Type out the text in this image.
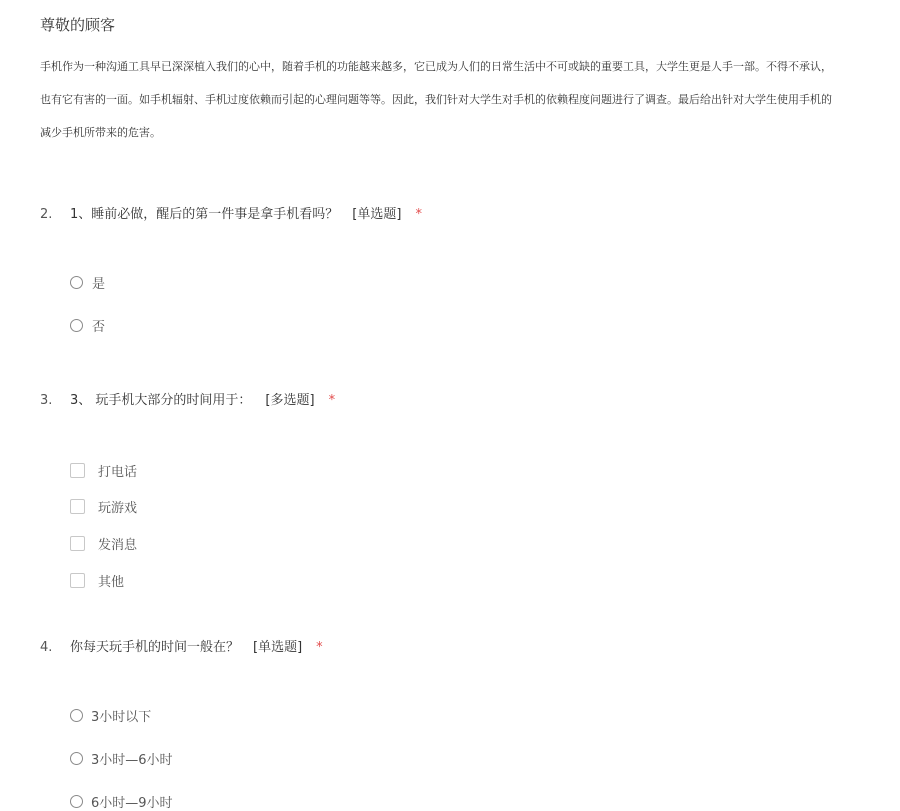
尊敬的顾客
手机作为一种沟通工具早已深深植入我们的心中，随着手机的功能越来越多，它已成为人们的日常生活中不可或缺的重要工具，大学生更是人手一部。不得不承认，
也有它有害的一面。如手机辐射、手机过度依赖而引起的心理问题等等。因此，我们针对大学生对手机的依赖程度问题进行了调查。最后给出针对大学生使用手机的
减少手机所带来的危害。
2. 1、睡前必做，醒后的第一件事是拿手机看吗？ [单选题] *
是
否
3. 3、 玩手机大部分的时间用于： [多选题] *
打电话
玩游戏
发消息
其他
4. 你每天玩手机的时间一般在？ [单选题] *
3小时以下
3小时—6小时
6小时—9小时
